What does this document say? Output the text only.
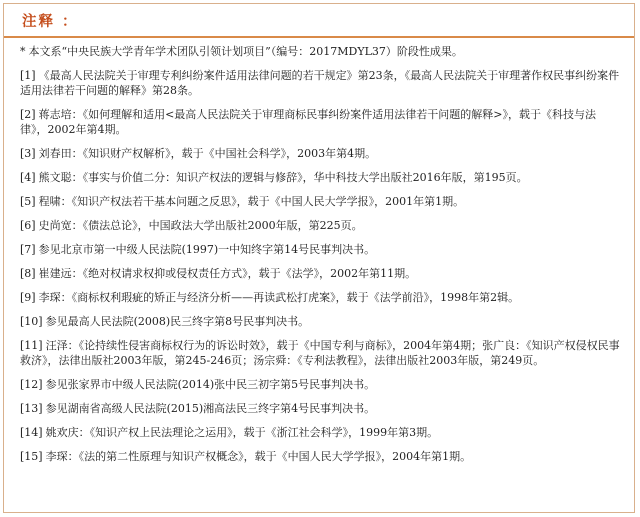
注释 ：

* 本文系“中央民族大学青年学术团队引领计划项目”（编号：2017MDYL37）阶段性成果。

[1] 《最高人民法院关于审理专利纠纷案件适用法律问题的若干规定》第23条，《最高人民法院关于审理著作权民事纠纷案件适用法律若干问题的解释》第28条。

[2] 蒋志培：《如何理解和适用<最高人民法院关于审理商标民事纠纷案件适用法律若干问题的解释>》，载于《科技与法律》，2002年第4期。

[3] 刘春田：《知识财产权解析》，载于《中国社会科学》，2003年第4期。

[4] 熊文聪：《事实与价值二分：知识产权法的逻辑与修辞》，华中科技大学出版社2016年版，第195页。

[5] 程啸：《知识产权法若干基本问题之反思》，载于《中国人民大学学报》，2001年第1期。

[6] 史尚宽：《债法总论》，中国政法大学出版社2000年版，第225页。

[7] 参见北京市第一中级人民法院(1997)一中知终字第14号民事判决书。

[8] 崔建远：《绝对权请求权抑或侵权责任方式》，载于《法学》，2002年第11期。

[9] 李琛：《商标权利瑕疵的矫正与经济分析——再读武松打虎案》，载于《法学前沿》，1998年第2辑。

[10] 参见最高人民法院(2008)民三终字第8号民事判决书。

[11] 汪泽：《论持续性侵害商标权行为的诉讼时效》，载于《中国专利与商标》，2004年第4期；张广良：《知识产权侵权民事救济》，法律出版社2003年版，第245-246页；汤宗舜：《专利法教程》，法律出版社2003年版，第249页。

[12] 参见张家界市中级人民法院(2014)张中民三初字第5号民事判决书。

[13] 参见湖南省高级人民法院(2015)湘高法民三终字第4号民事判决书。

[14] 姚欢庆：《知识产权上民法理论之运用》，载于《浙江社会科学》，1999年第3期。

[15] 李琛：《法的第二性原理与知识产权概念》，载于《中国人民大学学报》，2004年第1期。
